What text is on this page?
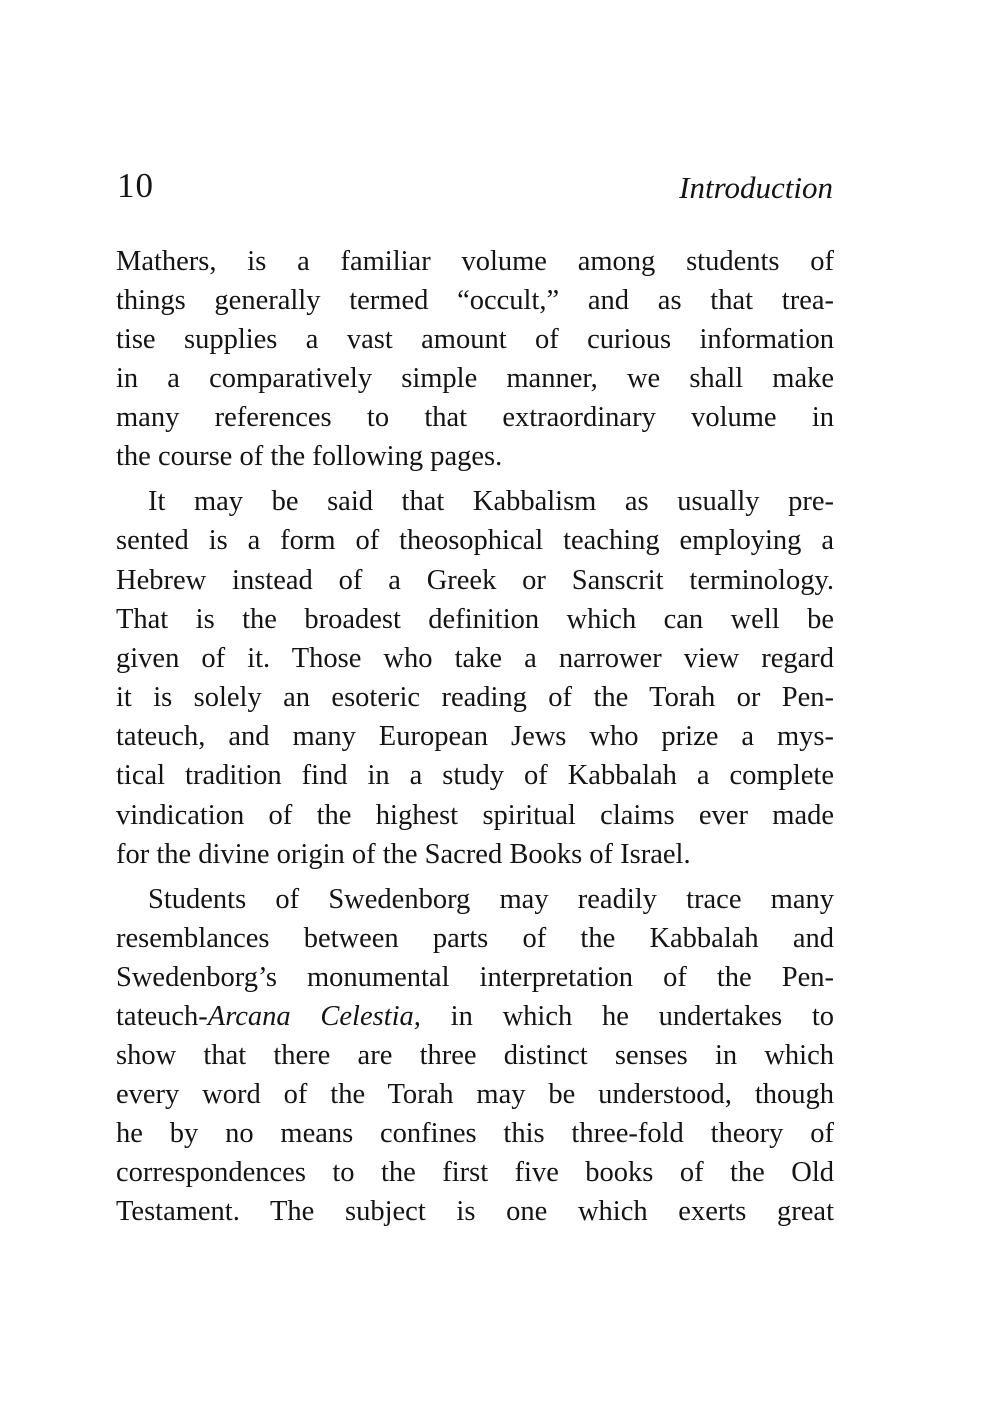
10	Introduction
Mathers, is a familiar volume among students of
things generally termed “occult,” and as that trea-
tise supplies a vast amount of curious information
in a comparatively simple manner, we shall make
many references to that extraordinary volume in
the course of the following pages.
It may be said that Kabbalism as usually pre-
sented is a form of theosophical teaching employing a
Hebrew instead of a Greek or Sanscrit terminology.
That is the broadest definition which can well be
given of it. Those who take a narrower view regard
it is solely an esoteric reading of the Torah or Pen-
tateuch, and many European Jews who prize a mys-
tical tradition find in a study of Kabbalah a complete
vindication of the highest spiritual claims ever made
for the divine origin of the Sacred Books of Israel.
Students of Swedenborg may readily trace many
resemblances between parts of the Kabbalah and
Swedenborg’s monumental interpretation of the Pen-
tateuch-Arcana Celestia, in which he undertakes to
show that there are three distinct senses in which
every word of the Torah may be understood, though
he by no means confines this three-fold theory of
correspondences to the first five books of the Old
Testament. The subject is one which exerts great
